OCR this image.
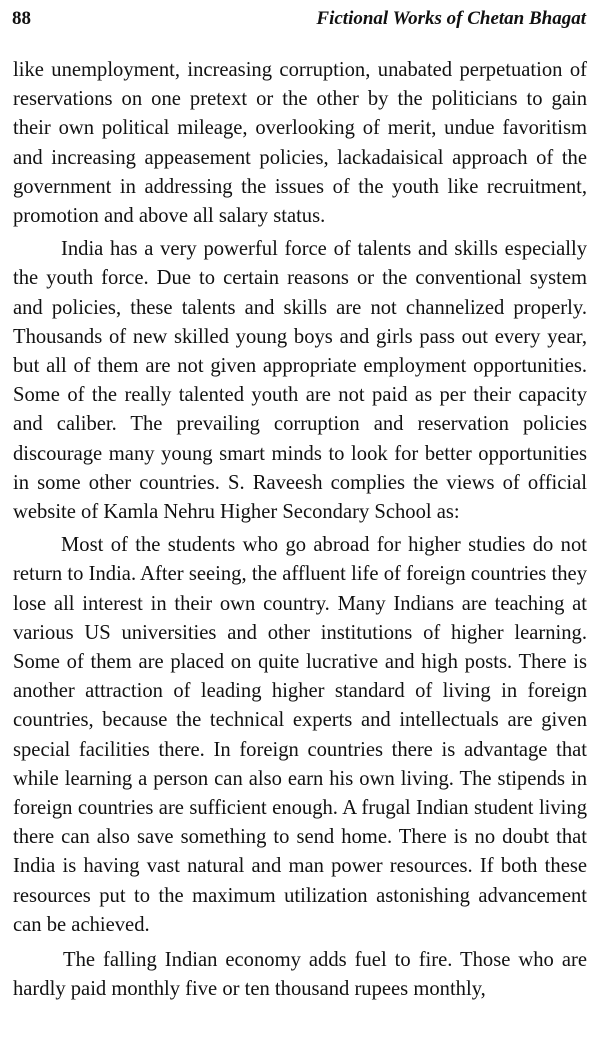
88	Fictional Works of Chetan Bhagat

like unemployment, increasing corruption, unabated perpetuation of reservations on one pretext or the other by the politicians to gain their own political mileage, overlooking of merit, undue favoritism and increasing appeasement policies, lackadaisical approach of the government in addressing the issues of the youth like recruitment, promotion and above all salary status.

India has a very powerful force of talents and skills especially the youth force. Due to certain reasons or the conventional system and policies, these talents and skills are not channelized properly. Thousands of new skilled young boys and girls pass out every year, but all of them are not given appropriate employment opportunities. Some of the really talented youth are not paid as per their capacity and caliber. The prevailing corruption and reservation policies discourage many young smart minds to look for better opportunities in some other countries. S. Raveesh complies the views of official website of Kamla Nehru Higher Secondary School as:

Most of the students who go abroad for higher studies do not return to India. After seeing, the affluent life of foreign countries they lose all interest in their own country. Many Indians are teaching at various US universities and other institutions of higher learning. Some of them are placed on quite lucrative and high posts. There is another attraction of leading higher standard of living in foreign countries, because the technical experts and intellectuals are given special facilities there. In foreign countries there is advantage that while learning a person can also earn his own living. The stipends in foreign countries are sufficient enough. A frugal Indian student living there can also save something to send home. There is no doubt that India is having vast natural and man power resources. If both these resources put to the maximum utilization astonishing advancement can be achieved.

The falling Indian economy adds fuel to fire. Those who are hardly paid monthly five or ten thousand rupees monthly,
